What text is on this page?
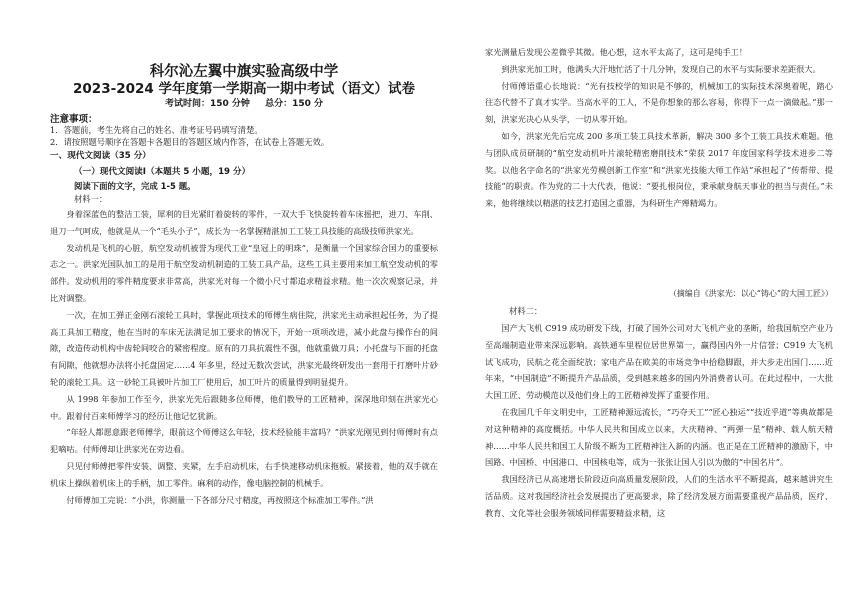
科尔沁左翼中旗实验高级中学
2023-2024 学年度第一学期高一期中考试（语文）试卷
考试时间：150 分钟 总分：150 分
注意事项：
1．答题前，考生先将自己的姓名、准考证号码填写清楚。
2．请按照题号顺序在答题卡各题目的答题区域内作答，在试卷上答题无效。
一、现代文阅读（35 分）
（一）现代文阅读Ⅰ（本题共 5 小题，19 分）
阅读下面的文字，完成 1-5 题。
材料一：

身着深蓝色的整洁工装，犀利的目光紧盯着旋转的零件，一双大手飞快旋转着车床摇把，进刀、车削、退刀一气呵成，他就是从一个“毛头小子”，成长为一名掌握精湛加工工装工具技能的高级技师洪家光。

发动机是飞机的心脏，航空发动机被誉为现代工业“皇冠上的明珠”，是衡量一个国家综合国力的重要标志之一。洪家光国队加工的是用于航空发动机制造的工装工具产品，这些工具主要用来加工航空发动机的零部件。发动机用的零件精度要求非常高，洪家光对每一个微小尺寸都追求精益求精。他一次次观察记录，并比对调整。

一次，在加工弹正金刚石滚轮工具时，掌握此项技术的师傅生病住院，洪家光主动承担起任务，为了提高工具加工精度，他在当时的车床无法满足加工要求的情况下，开始一项项改进，减小此盘与操作台的间隙，改造传动机构中齿轮间咬合的紧密程度。原有的刀具抗震性不强，他就重做刀具；小托盘与下面的托盘有间隙，他就想办法将小托盘固定……4 年多里，经过无数次尝试，洪家光最终研发出一套用于打磨叶片砂轮的滚轮工具。这一砂轮工具被叶片加工厂使用后，加工叶片的质量得到明显提升。

从 1998 年参加工作至今，洪家光先后跟随多位师傅，他们教导的工匠精神，深深地印刻在洪家光心中。跟着付百来师傅学习的经历让他记忆犹新。

“年轻人都愿意跟老师傅学，眼前这个师傅这么年轻，技术经验能丰富吗？”洪家光刚见到付师傅时有点犯嘀咕。付师傅却让洪家光在旁边看。

只见付师傅把零件安装、调整、夹紧，左手启动机床，右手快速移动机床拖板。紧接着，他的双手就在机床上操纵着机床上的手柄，加工零件。麻利的动作，像电脑控制的机械手。

付师傅加工完说：“小洪，你测量一下各部分尺寸精度，再按照这个标准加工零件。”洪

家光测量后发现公差微乎其微。他心想，这水平太高了，这可是纯手工！

到洪家光加工时，他满头大汗地忙活了十几分钟，发现自己的水平与实际要求差距很大。

付师傅语重心长地说：“光有技校学的知识是不够的，机械加工的实际技术深奥着呢，踏心往态代替不了真才实学。当高水平的工人，不是你想象的那么容易，你得下一点一滴做起。”那一刻，洪家光决心从头学，一切从零开始。

如今，洪家光先后完成 200 多项工装工具技术革新，解决 300 多个工装工具技术难题。他与团队成员研制的“航空发动机叶片滚轮精密磨削技术”荣获 2017 年度国家科学技术进步二等奖。以他名字命名的“洪家光劳模创新工作室”和“洪家光技能大师工作站”承担起了“传帮带、提技能”的职责。作为党的二十大代表，他说：“要扎根岗位，秉承献身航天事业的担当与责任。”未来，他将继续以精湛的技艺打造国之重器，为科研生产殚精竭力。

（摘编自《洪家光：以心“铸心”的大国工匠》）
材料二：

国产大飞机 C919 成功研发下线，打破了国外公司对大飞机产业的垄断，给我国航空产业乃至高端制造业带来深远影响。高铁通车里程位居世界第一，赢得国内外一片信誉；C919 大飞机试飞成功，民航之花全面绽放；家电产品在欧美的市场竞争中拾稳脚跟，并大步走出国门……近年来，“中国制造”不断提升产品品质，受到越来越多的国内外消费者认可。在此过程中，一大批大国工匠、劳动模范以及他们身上的工匠精神发挥了重要作用。

在我国几千年文明史中，工匠精神源远流长，“巧夺天工”“匠心独运”“技近乎道”等典故都是对这种精神的高度概括。中华人民共和国成立以来，大庆精神、“两弹一星”精神、载人航天精神……中华人民共和国工人阶级不断为工匠精神注入新的内涵。也正是在工匠精神的激励下，中国路、中国桥、中国港口、中国核电等，成为一张张让国人引以为傲的“中国名片”。

我国经济已从高速增长阶段迈向高质量发展阶段，人们的生活水平不断提高，越来越讲究生活品质。这对我国经济社会发展提出了更高要求，除了经济发展方面需要重视产品品质，医疗、教育、文化等社会服务领域同样需要精益求精，这
